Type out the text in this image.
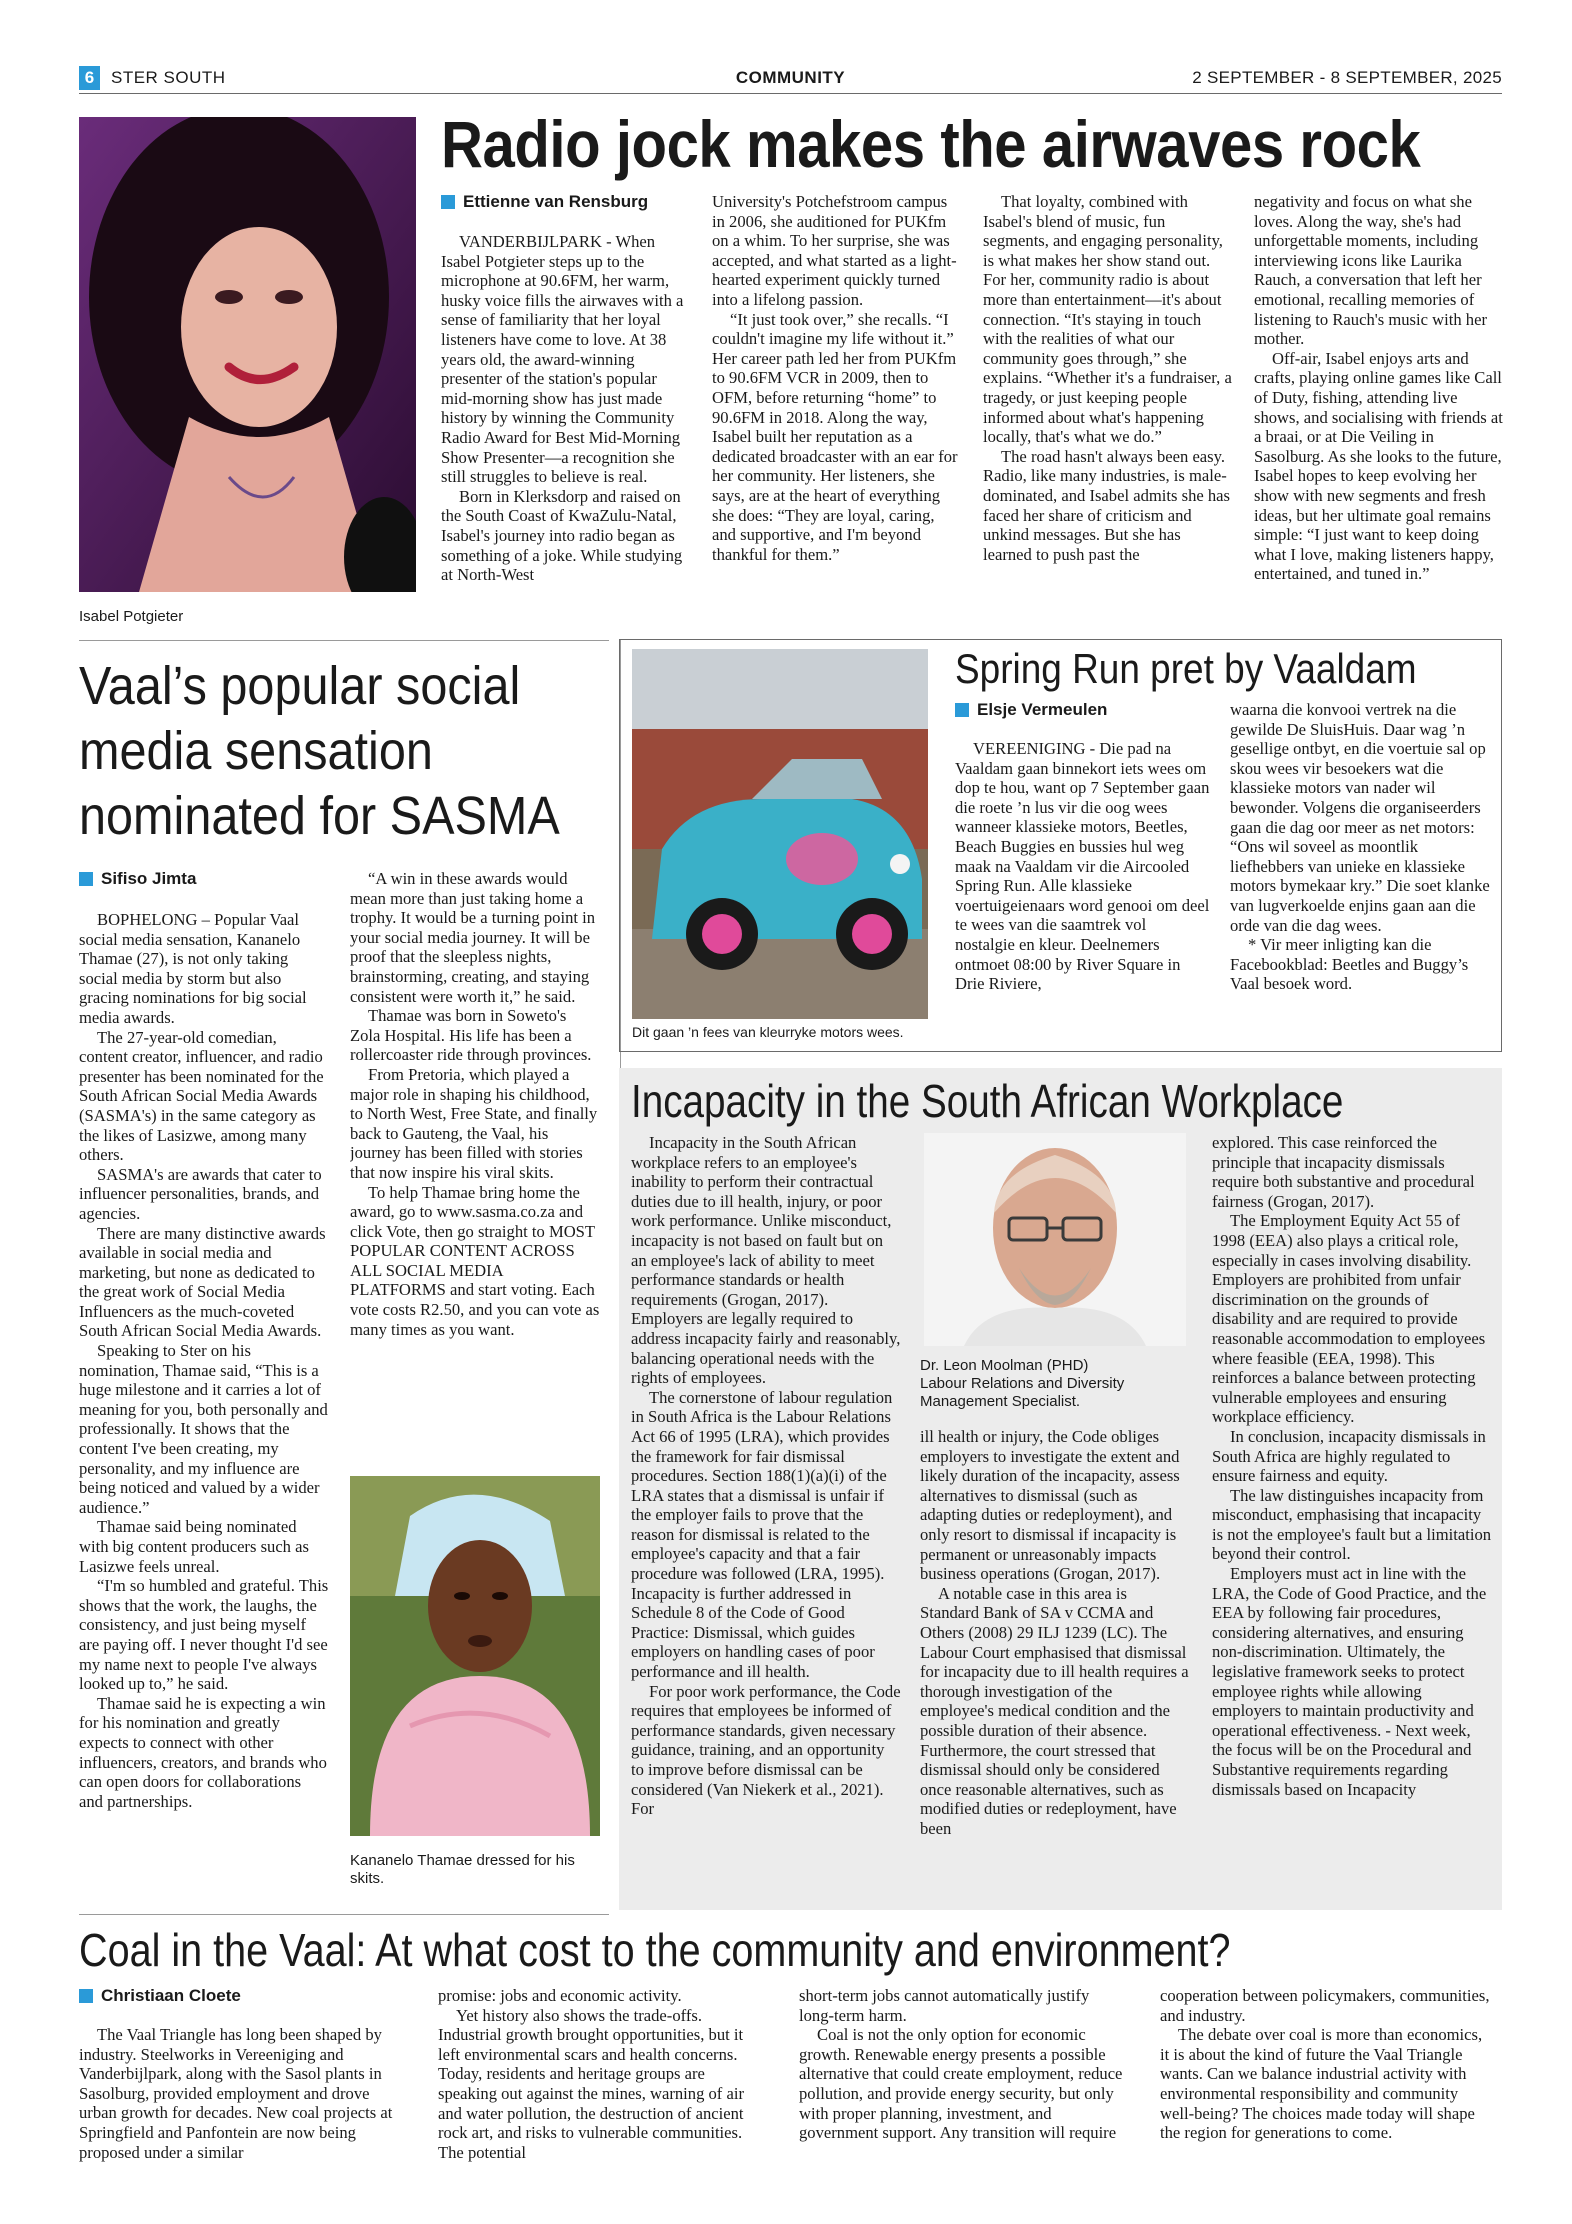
6 STER SOUTH	COMMUNITY	2 SEPTEMBER - 8 SEPTEMBER, 2025
Isabel Potgieter
Radio jock makes the airwaves rock
Ettienne van Rensburg

VANDERBIJLPARK - When Isabel Potgieter steps up to the microphone at 90.6FM, her warm, husky voice fills the airwaves with a sense of familiarity that her loyal listeners have come to love. At 38 years old, the award-winning presenter of the station's popular mid-morning show has just made history by winning the Community Radio Award for Best Mid-Morning Show Presenter—a recognition she still struggles to believe is real.

Born in Klerksdorp and raised on the South Coast of KwaZulu-Natal, Isabel's journey into radio began as something of a joke. While studying at North-West

University's Potchefstroom campus in 2006, she auditioned for PUKfm on a whim. To her surprise, she was accepted, and what started as a light-hearted experiment quickly turned into a lifelong passion.

“It just took over,” she recalls. “I couldn't imagine my life without it.” Her career path led her from PUKfm to 90.6FM VCR in 2009, then to OFM, before returning “home” to 90.6FM in 2018. Along the way, Isabel built her reputation as a dedicated broadcaster with an ear for her community. Her listeners, she says, are at the heart of everything she does: “They are loyal, caring, and supportive, and I'm beyond thankful for them.”

That loyalty, combined with Isabel's blend of music, fun segments, and engaging personality, is what makes her show stand out. For her, community radio is about more than entertainment—it's about connection. “It's staying in touch with the realities of what our community goes through,” she explains. “Whether it's a fundraiser, a tragedy, or just keeping people informed about what's happening locally, that's what we do.”

The road hasn't always been easy. Radio, like many industries, is male-dominated, and Isabel admits she has faced her share of criticism and unkind messages. But she has learned to push past the

negativity and focus on what she loves. Along the way, she's had unforgettable moments, including interviewing icons like Laurika Rauch, a conversation that left her emotional, recalling memories of listening to Rauch's music with her mother.

Off-air, Isabel enjoys arts and crafts, playing online games like Call of Duty, fishing, attending live shows, and socialising with friends at a braai, or at Die Veiling in Sasolburg. As she looks to the future, Isabel hopes to keep evolving her show with new segments and fresh ideas, but her ultimate goal remains simple: “I just want to keep doing what I love, making listeners happy, entertained, and tuned in.”

Vaal’s popular social
media sensation
nominated for SASMA
Sifiso Jimta

BOPHELONG – Popular Vaal social media sensation, Kananelo Thamae (27), is not only taking social media by storm but also gracing nominations for big social media awards.

The 27-year-old comedian, content creator, influencer, and radio presenter has been nominated for the South African Social Media Awards (SASMA's) in the same category as the likes of Lasizwe, among many others.

SASMA's are awards that cater to influencer personalities, brands, and agencies.

There are many distinctive awards available in social media and marketing, but none as dedicated to the great work of Social Media Influencers as the much-coveted South African Social Media Awards.

Speaking to Ster on his nomination, Thamae said, “This is a huge milestone and it carries a lot of meaning for you, both personally and professionally. It shows that the content I've been creating, my personality, and my influence are being noticed and valued by a wider audience.”

Thamae said being nominated with big content producers such as Lasizwe feels unreal.

“I'm so humbled and grateful. This shows that the work, the laughs, the consistency, and just being myself are paying off. I never thought I'd see my name next to people I've always looked up to,” he said.

Thamae said he is expecting a win for his nomination and greatly expects to connect with other influencers, creators, and brands who can open doors for collaborations and partnerships.

“A win in these awards would mean more than just taking home a trophy. It would be a turning point in your social media journey. It will be proof that the sleepless nights, brainstorming, creating, and staying consistent were worth it,” he said.

Thamae was born in Soweto's Zola Hospital. His life has been a rollercoaster ride through provinces.

From Pretoria, which played a major role in shaping his childhood, to North West, Free State, and finally back to Gauteng, the Vaal, his journey has been filled with stories that now inspire his viral skits.

To help Thamae bring home the award, go to www.sasma.co.za and click Vote, then go straight to MOST POPULAR CONTENT ACROSS ALL SOCIAL MEDIA PLATFORMS and start voting. Each vote costs R2.50, and you can vote as many times as you want.

Kananelo Thamae dressed for his skits.
Dit gaan ’n fees van kleurryke motors wees.
Spring Run pret by Vaaldam
Elsje Vermeulen

VEREENIGING - Die pad na Vaaldam gaan binnekort iets wees om dop te hou, want op 7 September gaan die roete ’n lus vir die oog wees wanneer klassieke motors, Beetles, Beach Buggies en bussies hul weg maak na Vaaldam vir die Aircooled Spring Run. Alle klassieke voertuigeienaars word genooi om deel te wees van die saamtrek vol nostalgie en kleur. Deelnemers ontmoet 08:00 by River Square in Drie Riviere,

waarna die konvooi vertrek na die gewilde De SluisHuis. Daar wag ’n gesellige ontbyt, en die voertuie sal op skou wees vir besoekers wat die klassieke motors van nader wil bewonder. Volgens die organiseerders gaan die dag oor meer as net motors: “Ons wil soveel as moontlik liefhebbers van unieke en klassieke motors bymekaar kry.” Die soet klanke van lugverkoelde enjins gaan aan die orde van die dag wees.

* Vir meer inligting kan die Facebookblad: Beetles and Buggy’s Vaal besoek word.

Incapacity in the South African Workplace

Incapacity in the South African workplace refers to an employee's inability to perform their contractual duties due to ill health, injury, or poor work performance. Unlike misconduct, incapacity is not based on fault but on an employee's lack of ability to meet performance standards or health requirements (Grogan, 2017). Employers are legally required to address incapacity fairly and reasonably, balancing operational needs with the rights of employees.

The cornerstone of labour regulation in South Africa is the Labour Relations Act 66 of 1995 (LRA), which provides the framework for fair dismissal procedures. Section 188(1)(a)(i) of the LRA states that a dismissal is unfair if the employer fails to prove that the reason for dismissal is related to the employee's capacity and that a fair procedure was followed (LRA, 1995). Incapacity is further addressed in Schedule 8 of the Code of Good Practice: Dismissal, which guides employers on handling cases of poor performance and ill health.

For poor work performance, the Code requires that employees be informed of performance standards, given necessary guidance, training, and an opportunity to improve before dismissal can be considered (Van Niekerk et al., 2021). For

Dr. Leon Moolman (PHD)
Labour Relations and Diversity
Management Specialist.

ill health or injury, the Code obliges employers to investigate the extent and likely duration of the incapacity, assess alternatives to dismissal (such as adapting duties or redeployment), and only resort to dismissal if incapacity is permanent or unreasonably impacts business operations (Grogan, 2017).

A notable case in this area is Standard Bank of SA v CCMA and Others (2008) 29 ILJ 1239 (LC). The Labour Court emphasised that dismissal for incapacity due to ill health requires a thorough investigation of the employee's medical condition and the possible duration of their absence. Furthermore, the court stressed that dismissal should only be considered once reasonable alternatives, such as modified duties or redeployment, have been

explored. This case reinforced the principle that incapacity dismissals require both substantive and procedural fairness (Grogan, 2017).

The Employment Equity Act 55 of 1998 (EEA) also plays a critical role, especially in cases involving disability. Employers are prohibited from unfair discrimination on the grounds of disability and are required to provide reasonable accommodation to employees where feasible (EEA, 1998). This reinforces a balance between protecting vulnerable employees and ensuring workplace efficiency.

In conclusion, incapacity dismissals in South Africa are highly regulated to ensure fairness and equity.

The law distinguishes incapacity from misconduct, emphasising that incapacity is not the employee's fault but a limitation beyond their control.

Employers must act in line with the LRA, the Code of Good Practice, and the EEA by following fair procedures, considering alternatives, and ensuring non-discrimination. Ultimately, the legislative framework seeks to protect employee rights while allowing employers to maintain productivity and operational effectiveness. - Next week, the focus will be on the Procedural and Substantive requirements regarding dismissals based on Incapacity

Coal in the Vaal: At what cost to the community and environment?
Christiaan Cloete

The Vaal Triangle has long been shaped by industry. Steelworks in Vereeniging and Vanderbijlpark, along with the Sasol plants in Sasolburg, provided employment and drove urban growth for decades. New coal projects at Springfield and Panfontein are now being proposed under a similar

promise: jobs and economic activity.

Yet history also shows the trade-offs. Industrial growth brought opportunities, but it left environmental scars and health concerns. Today, residents and heritage groups are speaking out against the mines, warning of air and water pollution, the destruction of ancient rock art, and risks to vulnerable communities. The potential

short-term jobs cannot automatically justify long-term harm.

Coal is not the only option for economic growth. Renewable energy presents a possible alternative that could create employment, reduce pollution, and provide energy security, but only with proper planning, investment, and government support. Any transition will require

cooperation between policymakers, communities, and industry.

The debate over coal is more than economics, it is about the kind of future the Vaal Triangle wants. Can we balance industrial activity with environmental responsibility and community well-being? The choices made today will shape the region for generations to come.
